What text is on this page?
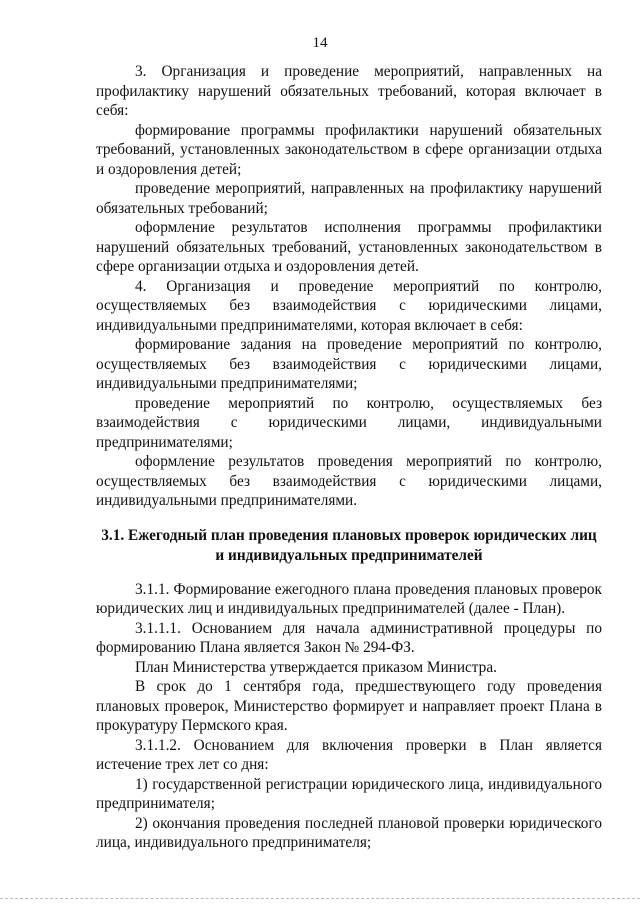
14

3. Организация и проведение мероприятий, направленных на профилактику нарушений обязательных требований, которая включает в себя:

формирование программы профилактики нарушений обязательных требований, установленных законодательством в сфере организации отдыха и оздоровления детей;

проведение мероприятий, направленных на профилактику нарушений обязательных требований;

оформление результатов исполнения программы профилактики нарушений обязательных требований, установленных законодательством в сфере организации отдыха и оздоровления детей.

4. Организация и проведение мероприятий по контролю, осуществляемых без взаимодействия с юридическими лицами, индивидуальными предпринимателями, которая включает в себя:

формирование задания на проведение мероприятий по контролю, осуществляемых без взаимодействия с юридическими лицами, индивидуальными предпринимателями;

проведение мероприятий по контролю, осуществляемых без взаимодействия с юридическими лицами, индивидуальными предпринимателями;

оформление результатов проведения мероприятий по контролю, осуществляемых без взаимодействия с юридическими лицами, индивидуальными предпринимателями.

3.1. Ежегодный план проведения плановых проверок юридических лиц и индивидуальных предпринимателей

3.1.1. Формирование ежегодного плана проведения плановых проверок юридических лиц и индивидуальных предпринимателей (далее - План).

3.1.1.1. Основанием для начала административной процедуры по формированию Плана является Закон № 294-ФЗ.

План Министерства утверждается приказом Министра.

В срок до 1 сентября года, предшествующего году проведения плановых проверок, Министерство формирует и направляет проект Плана в прокуратуру Пермского края.

3.1.1.2. Основанием для включения проверки в План является истечение трех лет со дня:

1) государственной регистрации юридического лица, индивидуального предпринимателя;

2) окончания проведения последней плановой проверки юридического лица, индивидуального предпринимателя;
